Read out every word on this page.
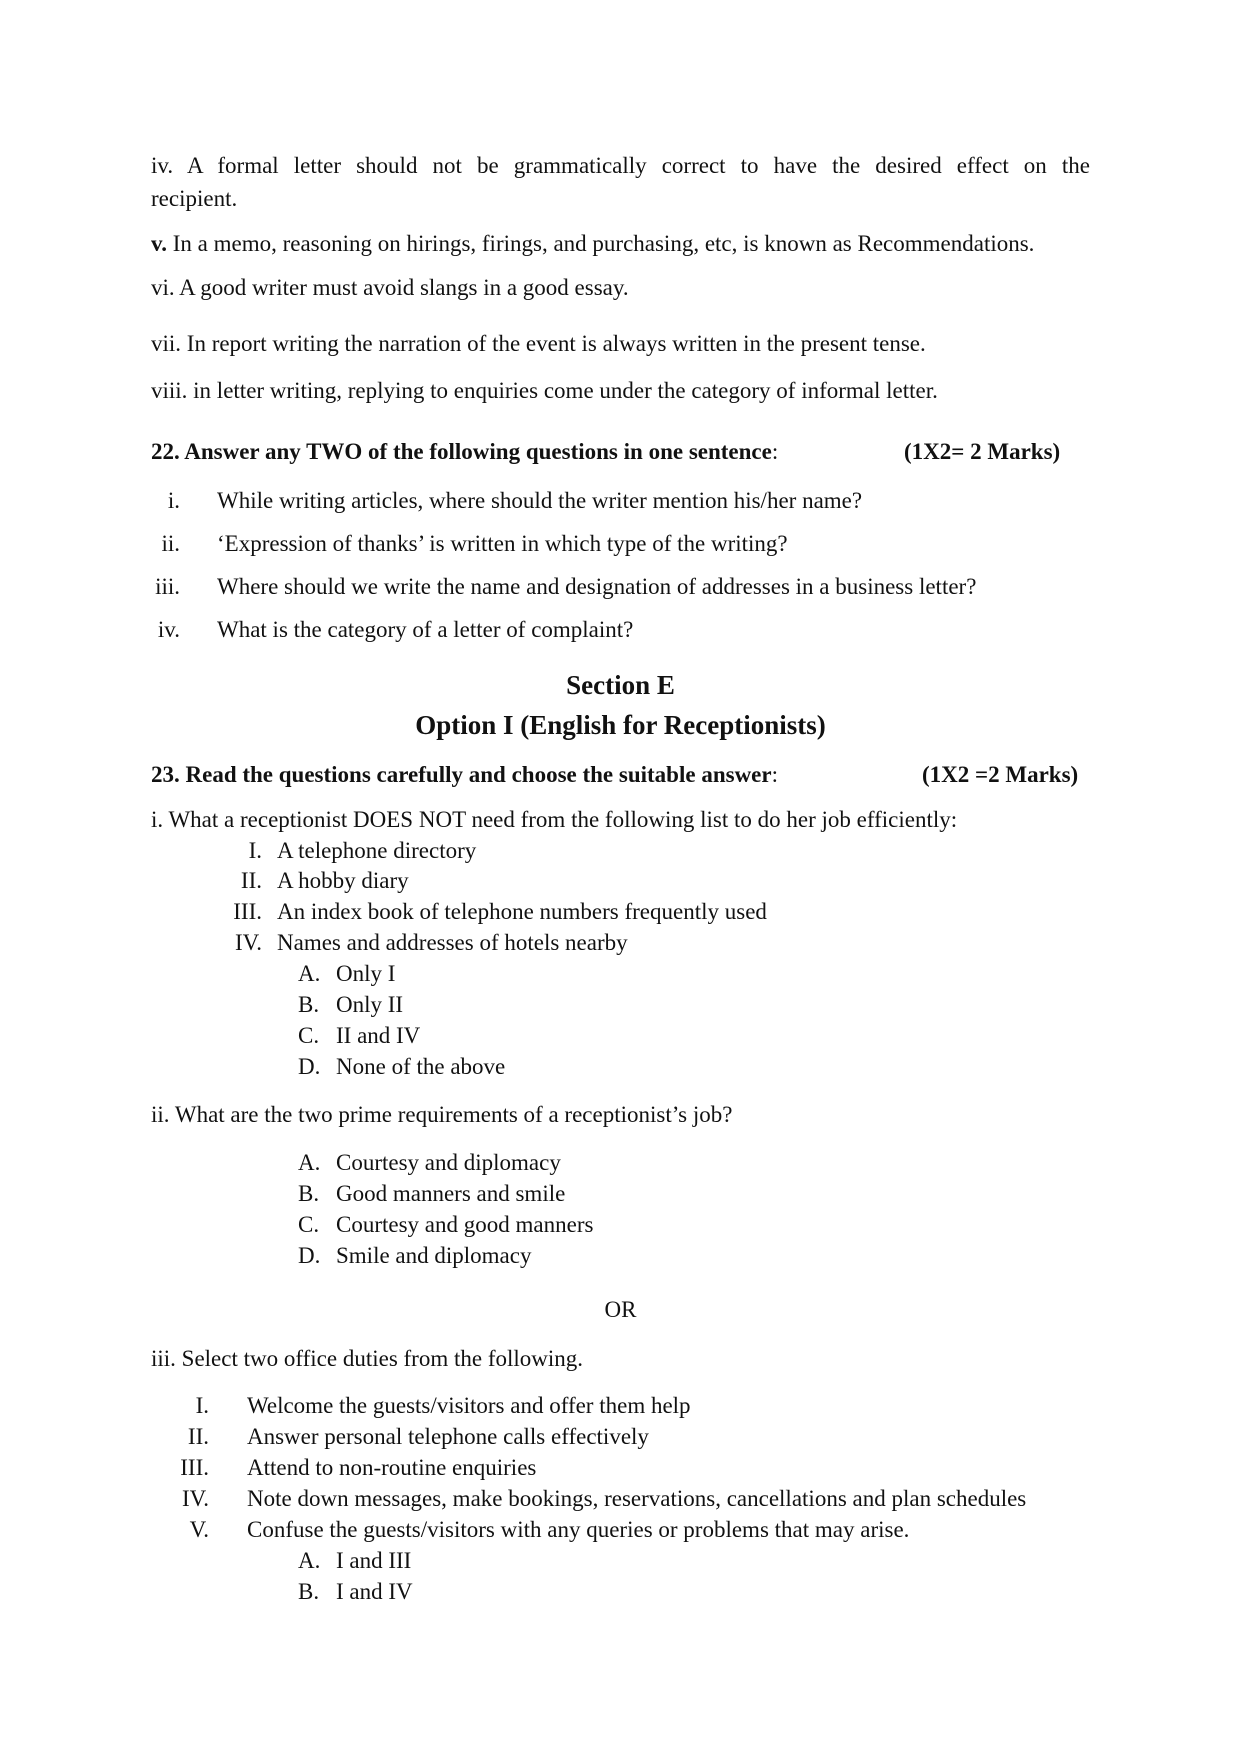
iv. A formal letter should not be grammatically correct to have the desired effect on the
recipient.
v. In a memo, reasoning on hirings, firings, and purchasing, etc, is known as Recommendations.
vi. A good writer must avoid slangs in a good essay.
vii. In report writing the narration of the event is always written in the present tense.
viii. in letter writing, replying to enquiries come under the category of informal letter.
22. Answer any TWO of the following questions in one sentence:	(1X2= 2 Marks)
i. While writing articles, where should the writer mention his/her name?
ii. ‘Expression of thanks’ is written in which type of the writing?
iii. Where should we write the name and designation of addresses in a business letter?
iv. What is the category of a letter of complaint?
Section E
Option I (English for Receptionists)
23. Read the questions carefully and choose the suitable answer:	(1X2 =2 Marks)
i. What a receptionist DOES NOT need from the following list to do her job efficiently:
I. A telephone directory
II. A hobby diary
III. An index book of telephone numbers frequently used
IV. Names and addresses of hotels nearby
A. Only I
B. Only II
C. II and IV
D. None of the above
ii. What are the two prime requirements of a receptionist’s job?
A. Courtesy and diplomacy
B. Good manners and smile
C. Courtesy and good manners
D. Smile and diplomacy
OR
iii. Select two office duties from the following.
I. Welcome the guests/visitors and offer them help
II. Answer personal telephone calls effectively
III. Attend to non-routine enquiries
IV. Note down messages, make bookings, reservations, cancellations and plan schedules
V. Confuse the guests/visitors with any queries or problems that may arise.
A. I and III
B. I and IV
